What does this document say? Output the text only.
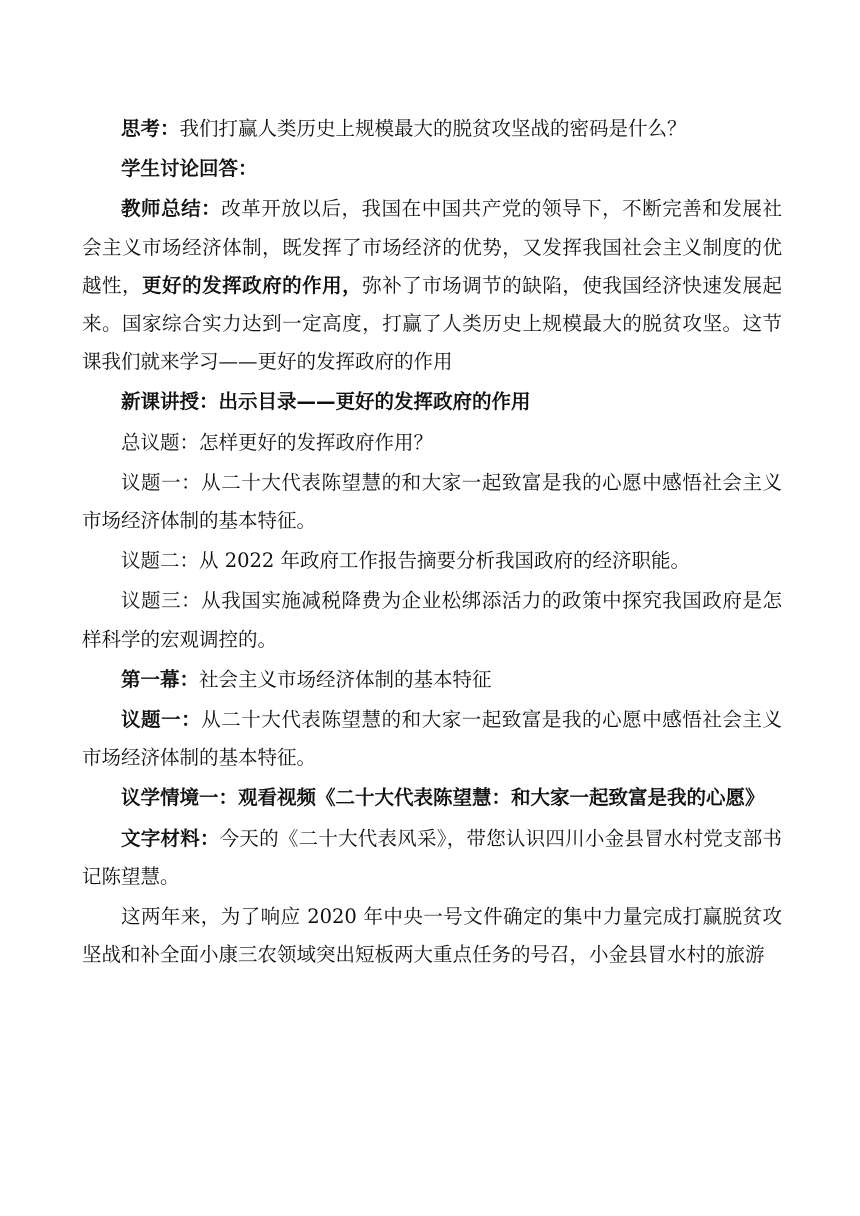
思考：我们打赢人类历史上规模最大的脱贫攻坚战的密码是什么？

学生讨论回答：

教师总结：改革开放以后，我国在中国共产党的领导下，不断完善和发展社会主义市场经济体制，既发挥了市场经济的优势，又发挥我国社会主义制度的优越性，更好的发挥政府的作用，弥补了市场调节的缺陷，使我国经济快速发展起来。国家综合实力达到一定高度，打赢了人类历史上规模最大的脱贫攻坚。这节课我们就来学习——更好的发挥政府的作用

新课讲授：出示目录——更好的发挥政府的作用

总议题：怎样更好的发挥政府作用？

议题一：从二十大代表陈望慧的和大家一起致富是我的心愿中感悟社会主义市场经济体制的基本特征。

议题二：从 2022 年政府工作报告摘要分析我国政府的经济职能。

议题三：从我国实施减税降费为企业松绑添活力的政策中探究我国政府是怎样科学的宏观调控的。

第一幕：社会主义市场经济体制的基本特征

议题一：从二十大代表陈望慧的和大家一起致富是我的心愿中感悟社会主义市场经济体制的基本特征。

议学情境一：观看视频《二十大代表陈望慧：和大家一起致富是我的心愿》

文字材料：今天的《二十大代表风采》，带您认识四川小金县冒水村党支部书记陈望慧。

这两年来，为了响应 2020 年中央一号文件确定的集中力量完成打赢脱贫攻坚战和补全面小康三农领域突出短板两大重点任务的号召，小金县冒水村的旅游
